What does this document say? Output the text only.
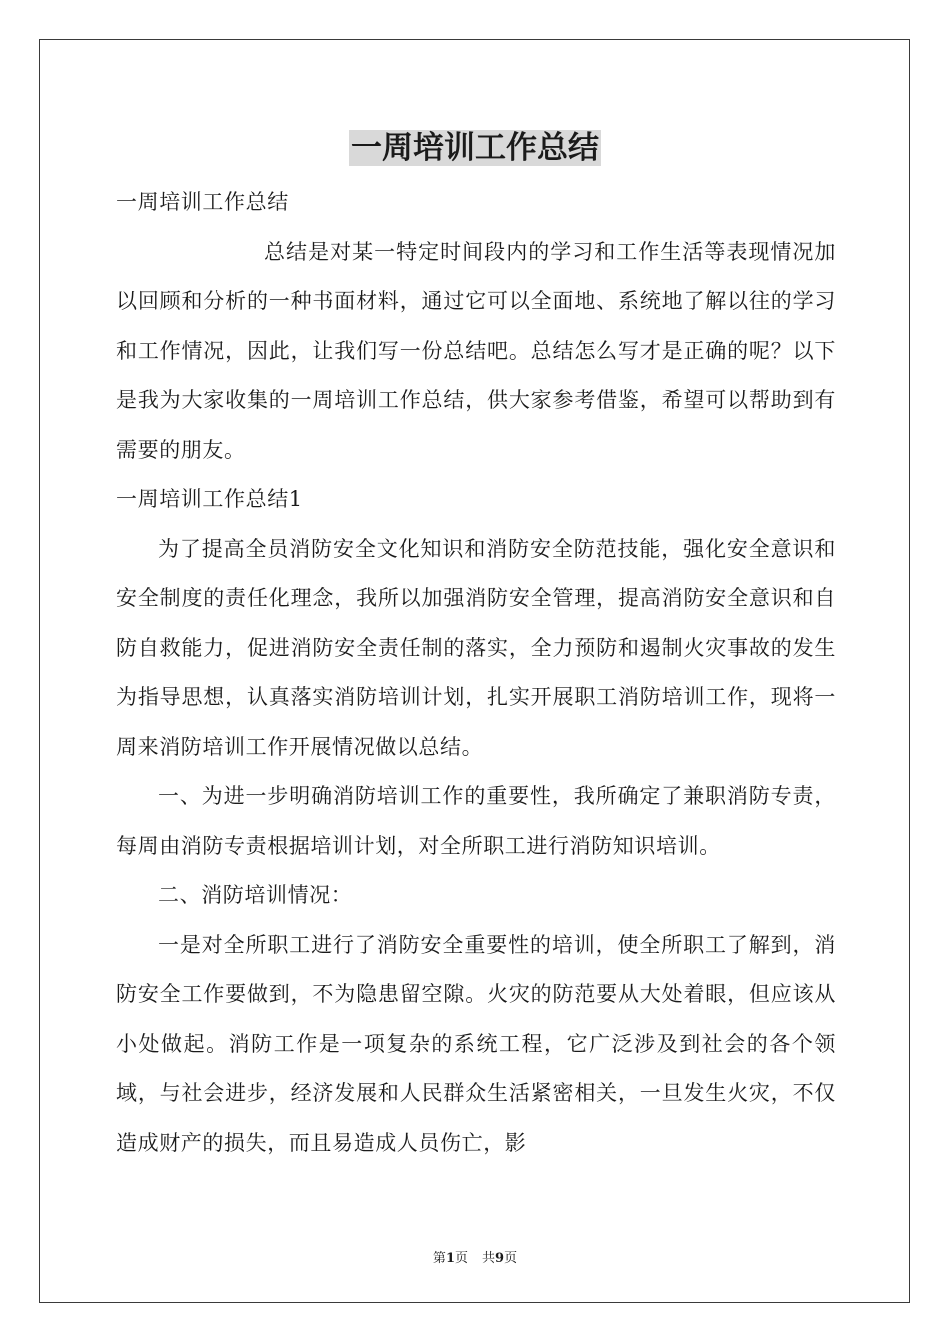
一周培训工作总结

一周培训工作总结

总结是对某一特定时间段内的学习和工作生活等表现情况加以回顾和分析的一种书面材料，通过它可以全面地、系统地了解以往的学习和工作情况，因此，让我们写一份总结吧。总结怎么写才是正确的呢？以下是我为大家收集的一周培训工作总结，供大家参考借鉴，希望可以帮助到有需要的朋友。

一周培训工作总结1

为了提高全员消防安全文化知识和消防安全防范技能，强化安全意识和安全制度的责任化理念，我所以加强消防安全管理，提高消防安全意识和自防自救能力，促进消防安全责任制的落实，全力预防和遏制火灾事故的发生为指导思想，认真落实消防培训计划，扎实开展职工消防培训工作，现将一周来消防培训工作开展情况做以总结。

一、为进一步明确消防培训工作的重要性，我所确定了兼职消防专责，每周由消防专责根据培训计划，对全所职工进行消防知识培训。

二、消防培训情况：

一是对全所职工进行了消防安全重要性的培训，使全所职工了解到，消防安全工作要做到，不为隐患留空隙。火灾的防范要从大处着眼，但应该从小处做起。消防工作是一项复杂的系统工程，它广泛涉及到社会的各个领域，与社会进步，经济发展和人民群众生活紧密相关，一旦发生火灾，不仅造成财产的损失，而且易造成人员伤亡，影

第1页 共9页
